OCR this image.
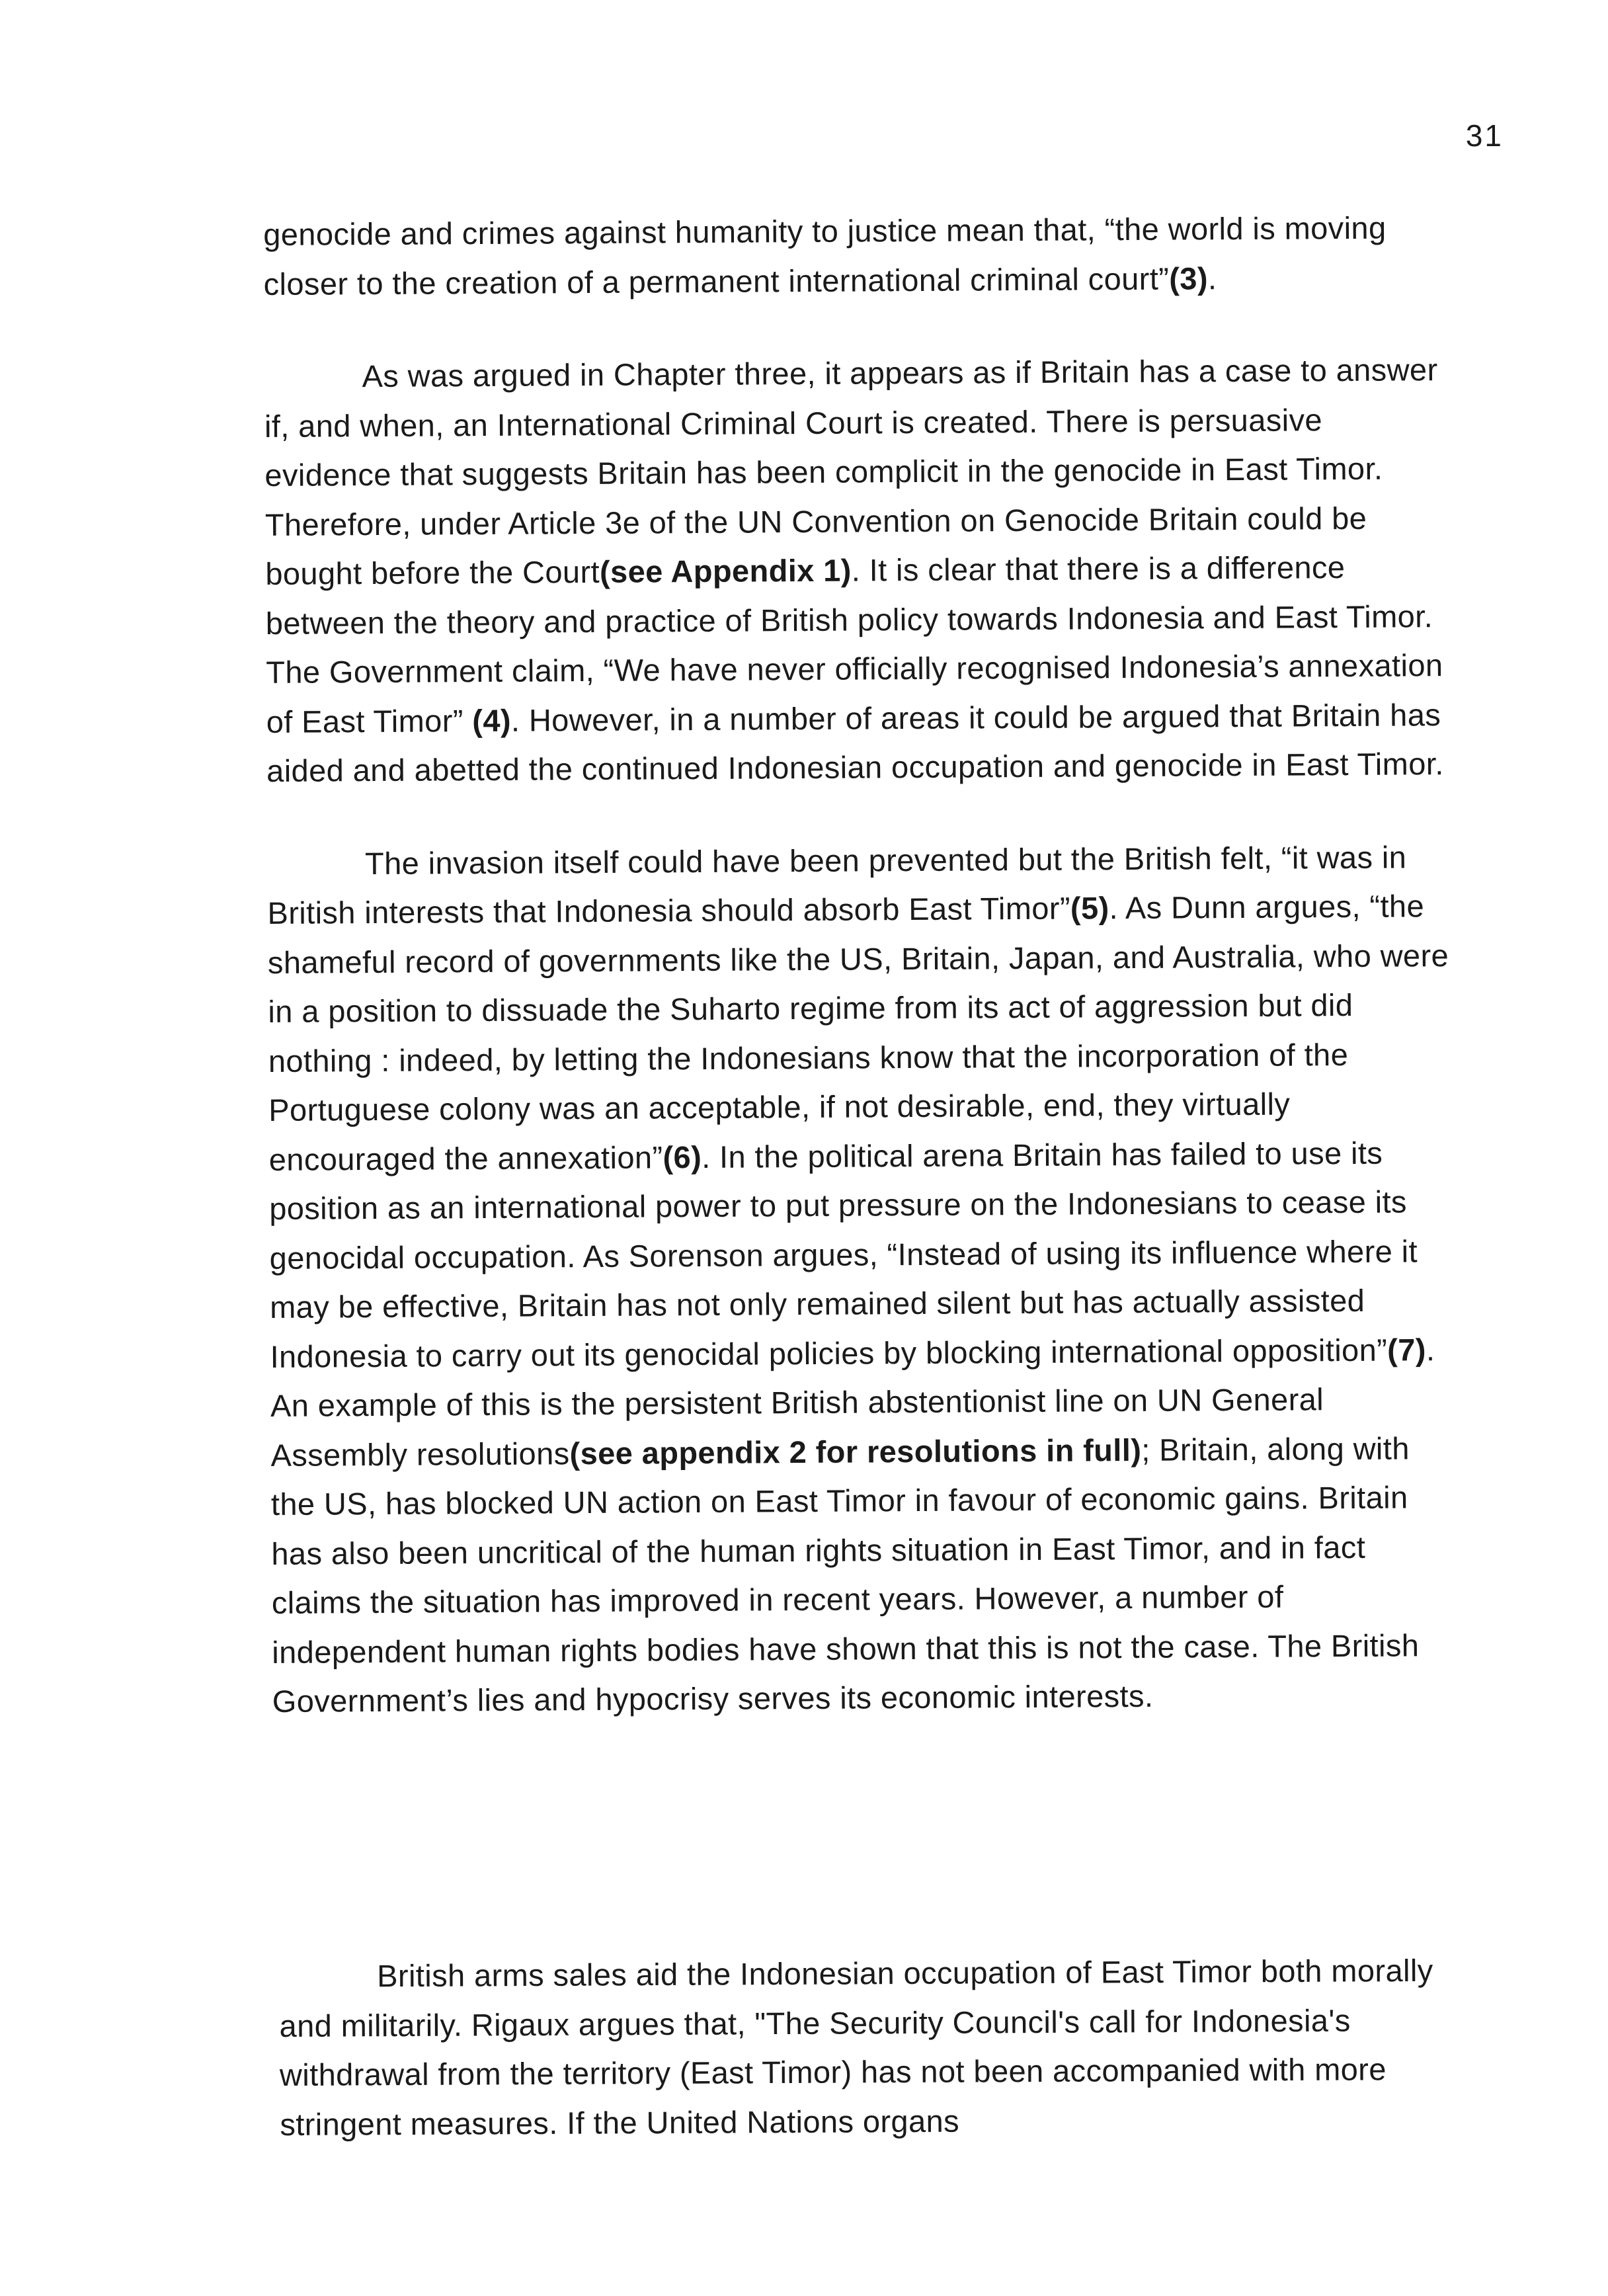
31

genocide and crimes against humanity to justice mean that, “the world is moving closer to the creation of a permanent international criminal court”(3).

As was argued in Chapter three, it appears as if Britain has a case to answer if, and when, an International Criminal Court is created. There is persuasive evidence that suggests Britain has been complicit in the genocide in East Timor. Therefore, under Article 3e of the UN Convention on Genocide Britain could be bought before the Court(see Appendix 1). It is clear that there is a difference between the theory and practice of British policy towards Indonesia and East Timor. The Government claim, “We have never officially recognised Indonesia’s annexation of East Timor” (4). However, in a number of areas it could be argued that Britain has aided and abetted the continued Indonesian occupation and genocide in East Timor.

The invasion itself could have been prevented but the British felt, “it was in British interests that Indonesia should absorb East Timor”(5). As Dunn argues, “the shameful record of governments like the US, Britain, Japan, and Australia, who were in a position to dissuade the Suharto regime from its act of aggression but did nothing : indeed, by letting the Indonesians know that the incorporation of the Portuguese colony was an acceptable, if not desirable, end, they virtually encouraged the annexation”(6). In the political arena Britain has failed to use its position as an international power to put pressure on the Indonesians to cease its genocidal occupation. As Sorenson argues, “Instead of using its influence where it may be effective, Britain has not only remained silent but has actually assisted Indonesia to carry out its genocidal policies by blocking international opposition”(7). An example of this is the persistent British abstentionist line on UN General Assembly resolutions(see appendix 2 for resolutions in full); Britain, along with the US, has blocked UN action on East Timor in favour of economic gains. Britain has also been uncritical of the human rights situation in East Timor, and in fact claims the situation has improved in recent years. However, a number of independent human rights bodies have shown that this is not the case. The British Government’s lies and hypocrisy serves its economic interests.

British arms sales aid the Indonesian occupation of East Timor both morally and militarily. Rigaux argues that, "The Security Council's call for Indonesia's withdrawal from the territory (East Timor) has not been accompanied with more stringent measures. If the United Nations organs
